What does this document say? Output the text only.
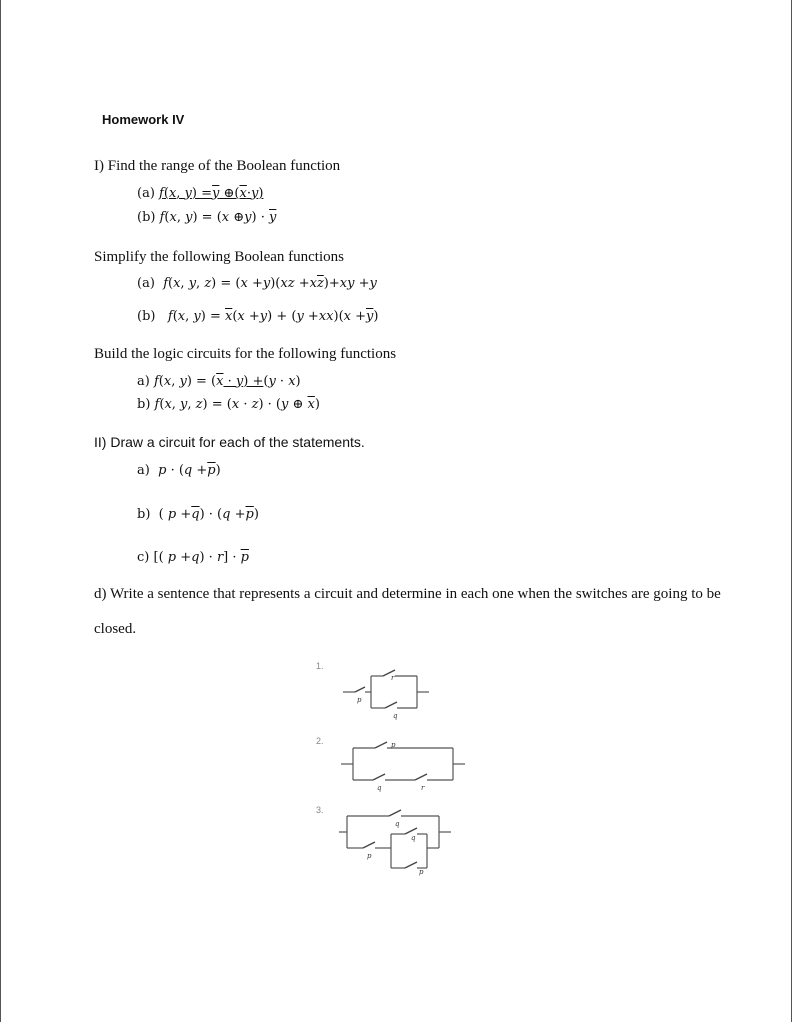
Homework IV
I) Find the range of the Boolean function
(a) f(x, y) =y ⊕(x·y)
(b) f(x, y) = (x ⊕y) · $\overline{y}$
Simplify the following Boolean functions
(a) f(x, y, $z) = (x +y)(xz +x\overline{z})+xy +y$
(b) f(x, $y) = \overline{x}(x +y) + (y +xx)(x +\overline{y})$
Build the logic circuits for the following functions
a) f(x, $y) = (\overline{x} \cdot y) +(y \cdot x)$
b) f(x, y, z) = (x · z) · (y ⊕ $\overline{x}$)
II) Draw a circuit for each of the statements.
a) $p \cdot (q +\overline{p})$
b)  ( $p +\overline{q}) \cdot (q +\overline{p})$
c) [( $p +q) \cdot r] \cdot \overline{p}$
d) Write a sentence that represents a circuit and determine in each one when the switches are going to be
closed.
1.
2.
3.
p
r
q
p
q	r
q
p
q
p
